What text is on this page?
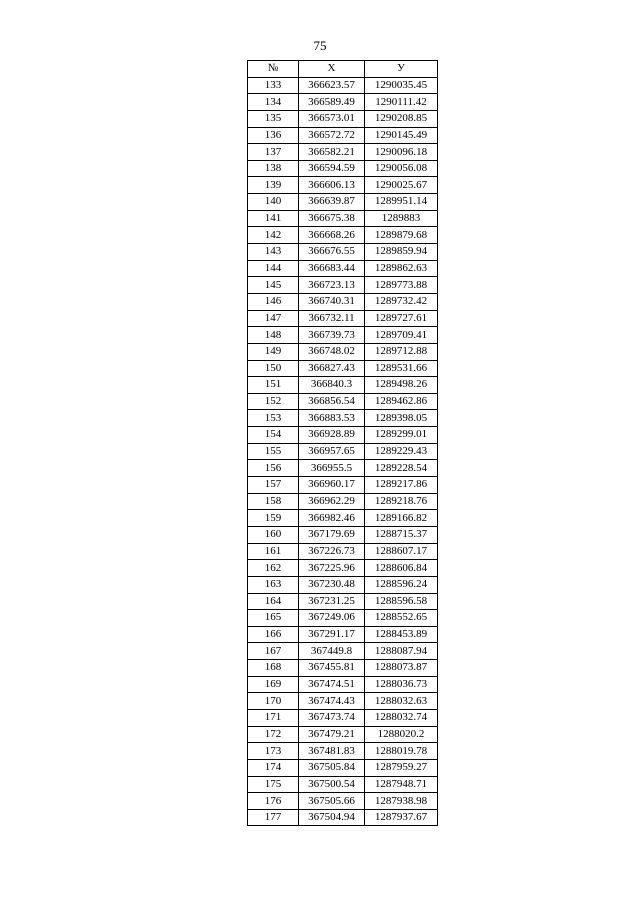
75
№	X	У
133	366623.57	1290035.45
134	366589.49	1290111.42
135	366573.01	1290208.85
136	366572.72	1290145.49
137	366582.21	1290096.18
138	366594.59	1290056.08
139	366606.13	1290025.67
140	366639.87	1289951.14
141	366675.38	1289883
142	366668.26	1289879.68
143	366676.55	1289859.94
144	366683.44	1289862.63
145	366723.13	1289773.88
146	366740.31	1289732.42
147	366732.11	1289727.61
148	366739.73	1289709.41
149	366748.02	1289712.88
150	366827.43	1289531.66
151	366840.3	1289498.26
152	366856.54	1289462.86
153	366883.53	1289398.05
154	366928.89	1289299.01
155	366957.65	1289229.43
156	366955.5	1289228.54
157	366960.17	1289217.86
158	366962.29	1289218.76
159	366982.46	1289166.82
160	367179.69	1288715.37
161	367226.73	1288607.17
162	367225.96	1288606.84
163	367230.48	1288596.24
164	367231.25	1288596.58
165	367249.06	1288552.65
166	367291.17	1288453.89
167	367449.8	1288087.94
168	367455.81	1288073.87
169	367474.51	1288036.73
170	367474.43	1288032.63
171	367473.74	1288032.74
172	367479.21	1288020.2
173	367481.83	1288019.78
174	367505.84	1287959.27
175	367500.54	1287948.71
176	367505.66	1287938.98
177	367504.94	1287937.67
